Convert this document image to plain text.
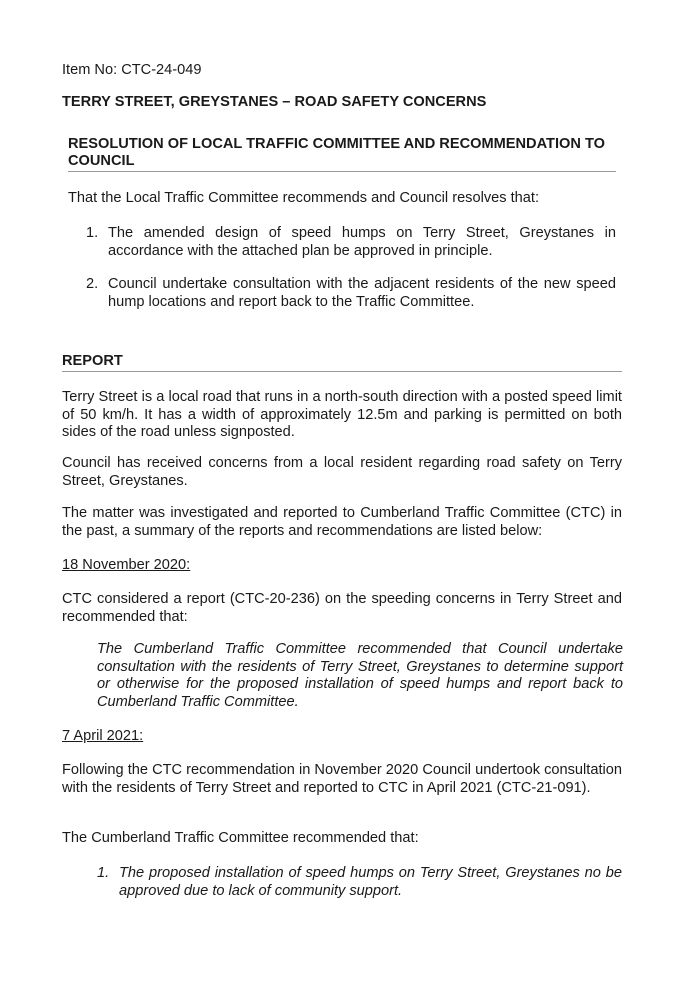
Item No: CTC-24-049

TERRY STREET, GREYSTANES – ROAD SAFETY CONCERNS

RESOLUTION OF LOCAL TRAFFIC COMMITTEE AND RECOMMENDATION TO COUNCIL

That the Local Traffic Committee recommends and Council resolves that:

1. The amended design of speed humps on Terry Street, Greystanes in accordance with the attached plan be approved in principle.

2. Council undertake consultation with the adjacent residents of the new speed hump locations and report back to the Traffic Committee.

REPORT

Terry Street is a local road that runs in a north-south direction with a posted speed limit of 50 km/h. It has a width of approximately 12.5m and parking is permitted on both sides of the road unless signposted.

Council has received concerns from a local resident regarding road safety on Terry Street, Greystanes.

The matter was investigated and reported to Cumberland Traffic Committee (CTC) in the past, a summary of the reports and recommendations are listed below:

18 November 2020:

CTC considered a report (CTC-20-236) on the speeding concerns in Terry Street and recommended that:

The Cumberland Traffic Committee recommended that Council undertake consultation with the residents of Terry Street, Greystanes to determine support or otherwise for the proposed installation of speed humps and report back to Cumberland Traffic Committee.

7 April 2021:

Following the CTC recommendation in November 2020 Council undertook consultation with the residents of Terry Street and reported to CTC in April 2021 (CTC-21-091).

The Cumberland Traffic Committee recommended that:

1. The proposed installation of speed humps on Terry Street, Greystanes no be approved due to lack of community support.
